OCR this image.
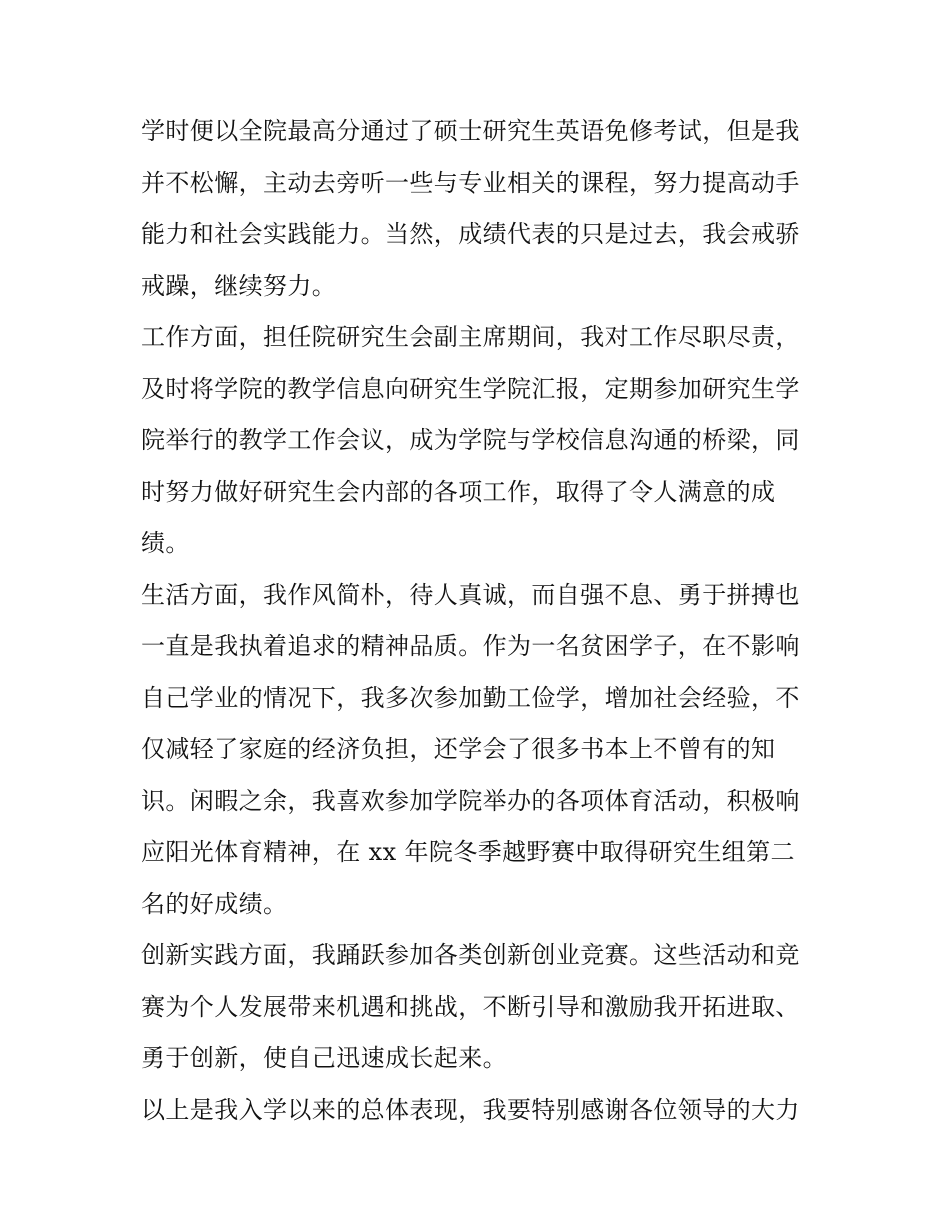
学时便以全院最高分通过了硕士研究生英语免修考试，但是我
并不松懈，主动去旁听一些与专业相关的课程，努力提高动手
能力和社会实践能力。当然，成绩代表的只是过去，我会戒骄
戒躁，继续努力。
工作方面，担任院研究生会副主席期间，我对工作尽职尽责，
及时将学院的教学信息向研究生学院汇报，定期参加研究生学
院举行的教学工作会议，成为学院与学校信息沟通的桥梁，同
时努力做好研究生会内部的各项工作，取得了令人满意的成
绩。
生活方面，我作风简朴，待人真诚，而自强不息、勇于拼搏也
一直是我执着追求的精神品质。作为一名贫困学子，在不影响
自己学业的情况下，我多次参加勤工俭学，增加社会经验，不
仅减轻了家庭的经济负担，还学会了很多书本上不曾有的知
识。闲暇之余，我喜欢参加学院举办的各项体育活动，积极响
应阳光体育精神，在 xx 年院冬季越野赛中取得研究生组第二
名的好成绩。
创新实践方面，我踊跃参加各类创新创业竞赛。这些活动和竞
赛为个人发展带来机遇和挑战，不断引导和激励我开拓进取、
勇于创新，使自己迅速成长起来。
以上是我入学以来的总体表现，我要特别感谢各位领导的大力
